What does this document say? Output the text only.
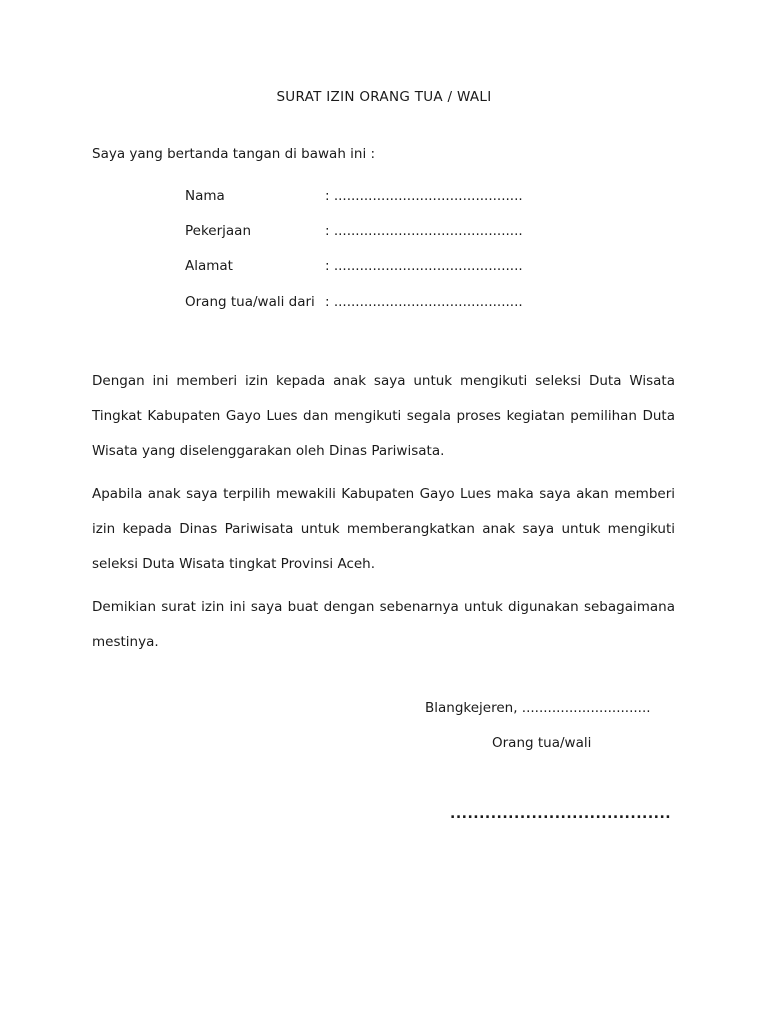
SURAT IZIN ORANG TUA / WALI
Saya yang bertanda tangan di bawah ini :
Nama	: ............................................
Pekerjaan	: ............................................
Alamat	: ............................................
Orang tua/wali dari : ............................................
Dengan ini memberi izin kepada anak saya untuk mengikuti seleksi Duta Wisata Tingkat Kabupaten Gayo Lues dan mengikuti segala proses kegiatan pemilihan Duta Wisata yang diselenggarakan oleh Dinas Pariwisata.
Apabila anak saya terpilih mewakili Kabupaten Gayo Lues maka saya akan memberi izin kepada Dinas Pariwisata untuk memberangkatkan anak saya untuk mengikuti seleksi Duta Wisata tingkat Provinsi Aceh.
Demikian surat izin ini saya buat dengan sebenarnya untuk digunakan sebagaimana mestinya.
Blangkejeren, ..............................
Orang tua/wali
......................................
